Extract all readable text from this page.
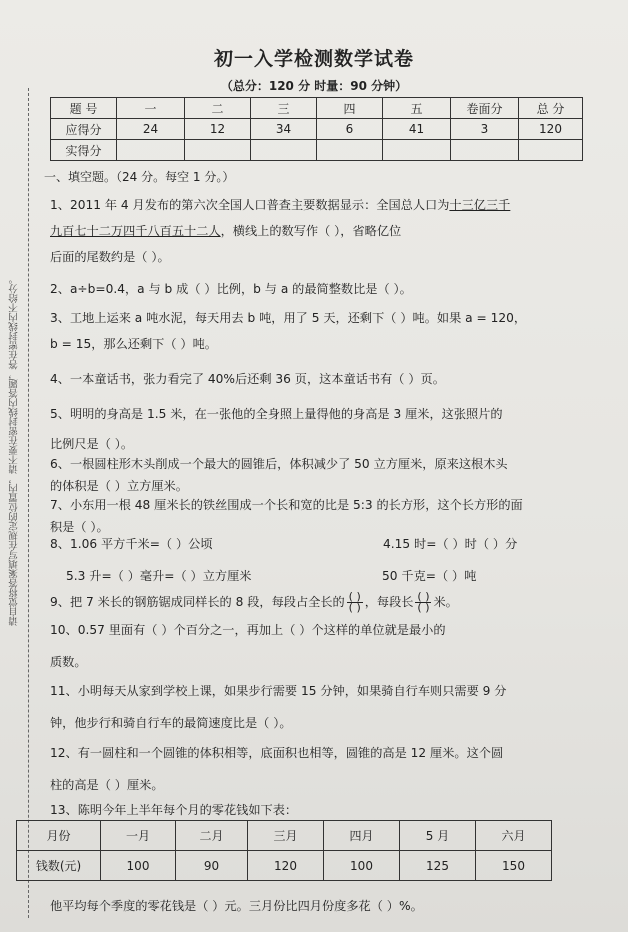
请自觉将答案填写在规定的位置内，请不要在密封线内答题，答在密封线内不给分。
初一入学检测数学试卷
（总分：120 分 时量：90 分钟）
题 号	一	二	三	四	五	卷面分	总 分
应得分	24	12	34	6	41	3	120
实得分							
一、填空题。（24 分。每空 1 分。）
1、2011 年 4 月发布的第六次全国人口普查主要数据显示：全国总人口为十三亿三千
九百七十二万四千八百五十二人，横线上的数写作（ ），省略亿位
后面的尾数约是（ ）。
2、a÷b=0.4，a 与 b 成（ ）比例，b 与 a 的最简整数比是（ ）。
3、工地上运来 a 吨水泥，每天用去 b 吨，用了 5 天，还剩下（ ）吨。如果 a = 120，
b = 15，那么还剩下（ ）吨。
4、一本童话书，张力看完了 40%后还剩 36 页，这本童话书有（ ）页。
5、明明的身高是 1.5 米，在一张他的全身照上量得他的身高是 3 厘米，这张照片的
比例尺是（ ）。
6、一根圆柱形木头削成一个最大的圆锥后，体积减少了 50 立方厘米，原来这根木头
的体积是（ ）立方厘米。
7、小东用一根 48 厘米长的铁丝围成一个长和宽的比是 5:3 的长方形，这个长方形的面
积是（ ）。
8、1.06 平方千米=（ ）公顷	4.15 时=（ ）时（ ）分
5.3 升=（ ）毫升=（ ）立方厘米	50 千克=（ ）吨
9、把 7 米长的钢筋锯成同样长的 8 段，每段占全长的 $\frac{( )}{( )}$ ，每段长 $\frac{( )}{( )}$ 米。
10、0.57 里面有（ ）个百分之一，再加上（ ）个这样的单位就是最小的
质数。
11、小明每天从家到学校上课，如果步行需要 15 分钟，如果骑自行车则只需要 9 分
钟，他步行和骑自行车的最简速度比是（ ）。
12、有一圆柱和一个圆锥的体积相等，底面积也相等，圆锥的高是 12 厘米。这个圆
柱的高是（ ）厘米。
13、陈明今年上半年每个月的零花钱如下表：
月份	一月	二月	三月	四月	5 月	六月
钱数(元)	100	90	120	100	125	150
他平均每个季度的零花钱是（ ）元。三月份比四月份度多花（ ）%。
